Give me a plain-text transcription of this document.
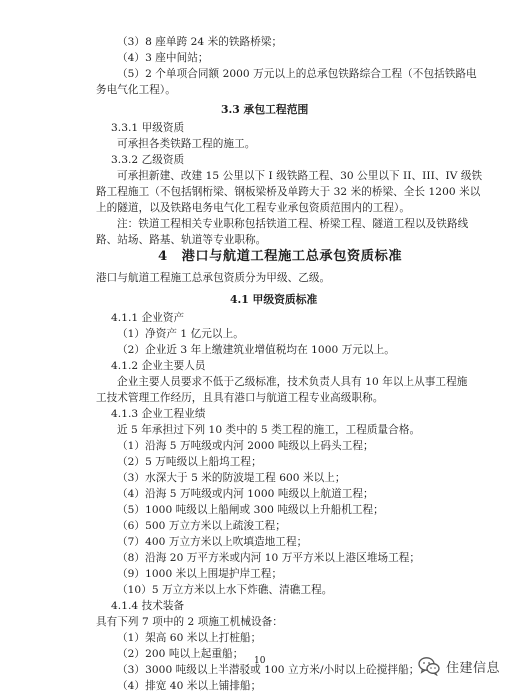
（3）8 座单跨 24 米的铁路桥梁；
（4）3 座中间站；
（5）2 个单项合同额 2000 万元以上的总承包铁路综合工程（不包括铁路电
务电气化工程）。
3.3 承包工程范围
3.3.1 甲级资质
可承担各类铁路工程的施工。
3.3.2 乙级资质
可承担新建、改建 15 公里以下 I 级铁路工程、30 公里以下 II、III、IV 级铁
路工程施工（不包括钢桁梁、钢板梁桥及单跨大于 32 米的桥梁、全长 1200 米以
上的隧道，以及铁路电务电气化工程专业承包资质范围内的工程）。
注：铁道工程相关专业职称包括铁道工程、桥梁工程、隧道工程以及铁路线
路、站场、路基、轨道等专业职称。
4　港口与航道工程施工总承包资质标准
港口与航道工程施工总承包资质分为甲级、乙级。
4.1 甲级资质标准
4.1.1 企业资产
（1）净资产 1 亿元以上。
（2）企业近 3 年上缴建筑业增值税均在 1000 万元以上。
4.1.2 企业主要人员
企业主要人员要求不低于乙级标准，技术负责人具有 10 年以上从事工程施
工技术管理工作经历，且具有港口与航道工程专业高级职称。
4.1.3 企业工程业绩
近 5 年承担过下列 10 类中的 5 类工程的施工，工程质量合格。
（1）沿海 5 万吨级或内河 2000 吨级以上码头工程；
（2）5 万吨级以上船坞工程；
（3）水深大于 5 米的防波堤工程 600 米以上；
（4）沿海 5 万吨级或内河 1000 吨级以上航道工程；
（5）1000 吨级以上船闸或 300 吨级以上升船机工程；
（6）500 万立方米以上疏浚工程；
（7）400 万立方米以上吹填造地工程；
（8）沿海 20 万平方米或内河 10 万平方米以上港区堆场工程；
（9）1000 米以上围堤护岸工程；
（10）5 万立方米以上水下炸礁、清礁工程。
4.1.4 技术装备
具有下列 7 项中的 2 项施工机械设备：
（1）架高 60 米以上打桩船；
（2）200 吨以上起重船；
（3）3000 吨级以上半潜驳或 100 立方米/小时以上砼搅拌船；
（4）排宽 40 米以上铺排船；
10	住建信息
